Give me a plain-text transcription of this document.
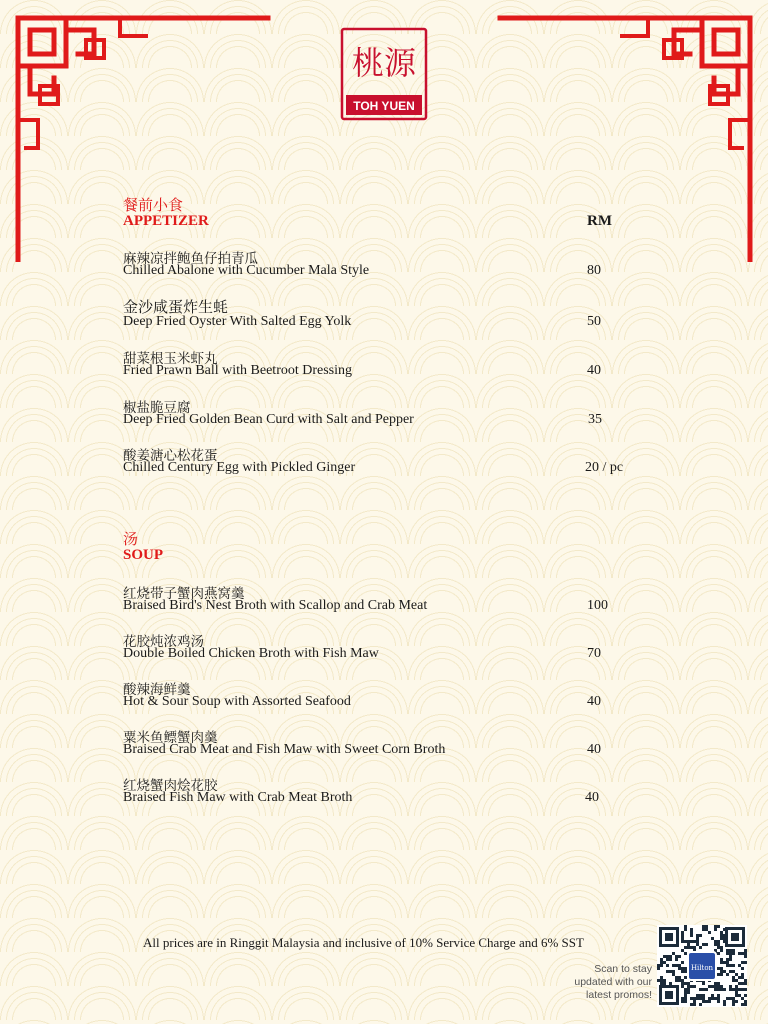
桃源
TOH YUEN
餐前小食
APPETIZER	RM
麻辣凉拌鲍鱼仔拍青瓜
Chilled Abalone with Cucumber Mala Style	80
金沙咸蛋炸生蚝
Deep Fried Oyster With Salted Egg Yolk	50
甜菜根玉米虾丸
Fried Prawn Ball with Beetroot Dressing	40
椒盐脆豆腐
Deep Fried Golden Bean Curd with Salt and Pepper	35
酸姜溏心松花蛋
Chilled Century Egg with Pickled Ginger	20 / pc
汤
SOUP
红烧带子蟹肉燕窝羹
Braised Bird's Nest Broth with Scallop and Crab Meat	100
花胶炖浓鸡汤
Double Boiled Chicken Broth with Fish Maw	70
酸辣海鲜羹
Hot & Sour Soup with Assorted Seafood	40
粟米鱼鳔蟹肉羹
Braised Crab Meat and Fish Maw with Sweet Corn Broth	40
红烧蟹肉烩花胶
Braised Fish Maw with Crab Meat Broth	40
All prices are in Ringgit Malaysia and inclusive of 10% Service Charge and 6% SST
Scan to stay
updated with our
latest promos!
Hilton
